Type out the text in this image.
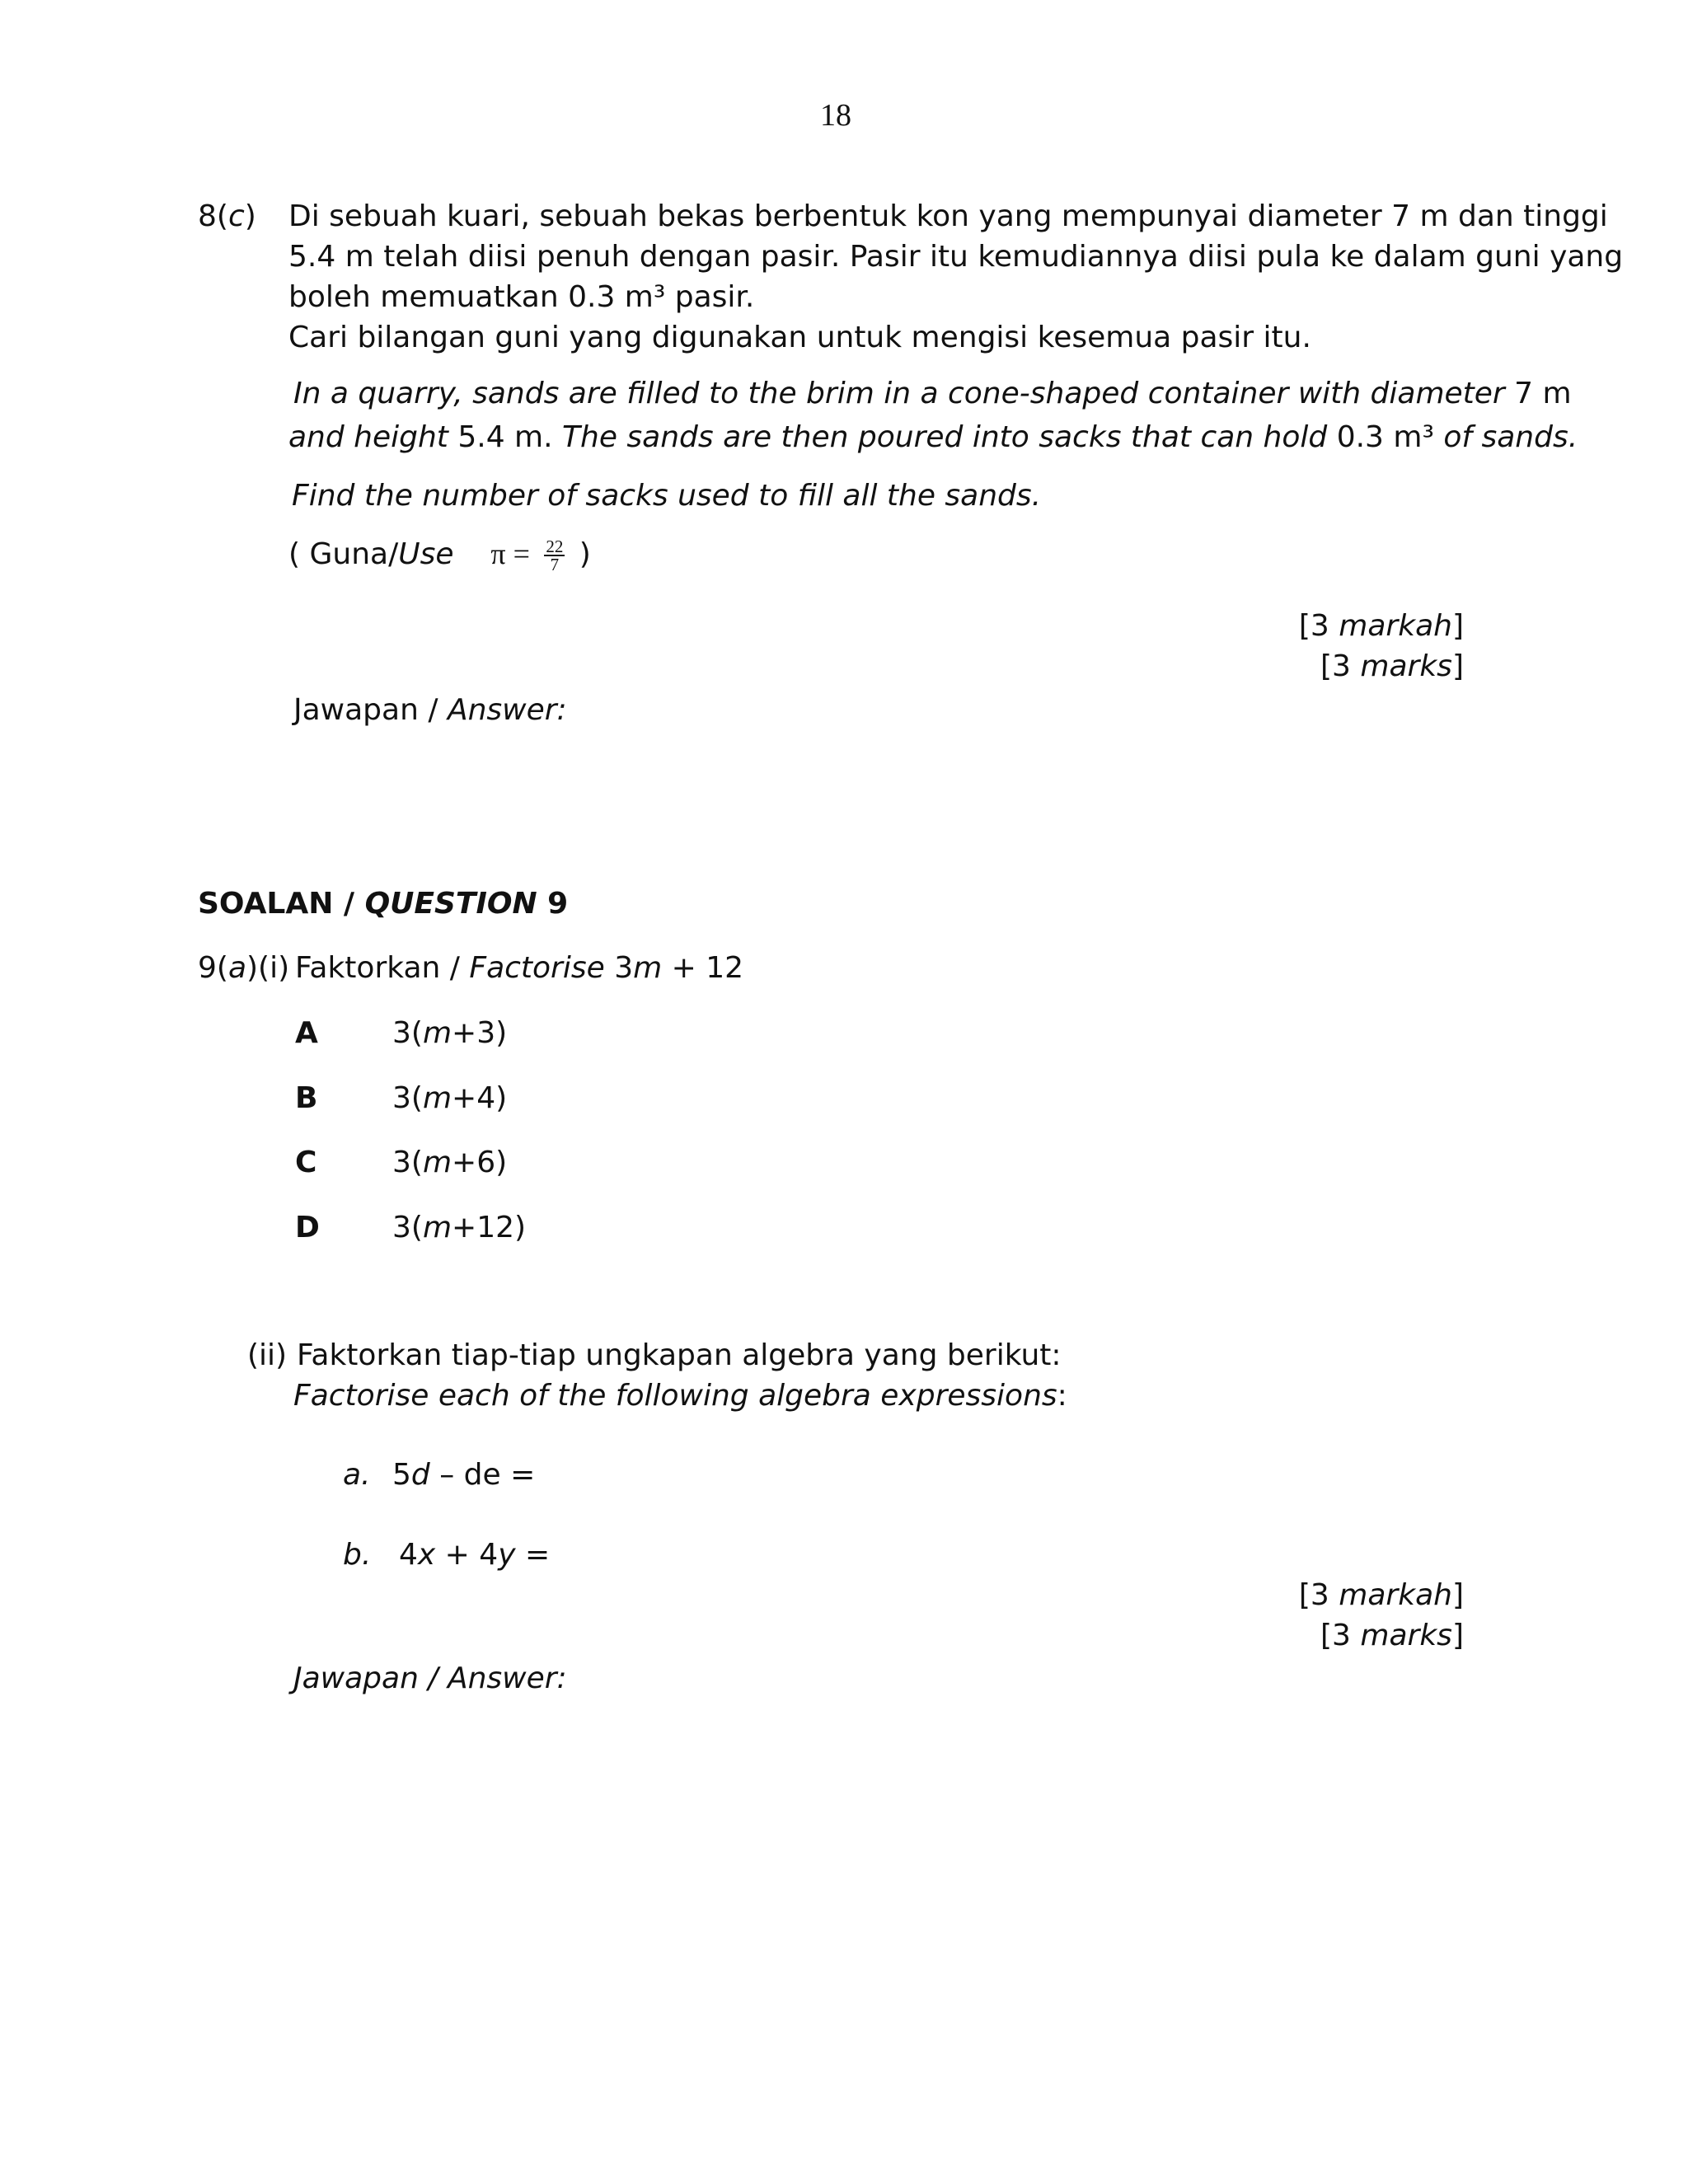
18
8(c) Di sebuah kuari, sebuah bekas berbentuk kon yang mempunyai diameter 7 m dan tinggi
5.4 m telah diisi penuh dengan pasir. Pasir itu kemudiannya diisi pula ke dalam guni yang
boleh memuatkan 0.3 m³ pasir.
Cari bilangan guni yang digunakan untuk mengisi kesemua pasir itu.
In a quarry, sands are filled to the brim in a cone-shaped container with diameter 7 m
and height 5.4 m. The sands are then poured into sacks that can hold 0.3 m³ of sands.
Find the number of sacks used to fill all the sands.
( Guna/Use $\pi = \frac{22}{7}$ )
[3 markah]
[3 marks]
Jawapan / Answer:
SOALAN / QUESTION 9
9(a)(i) Faktorkan / Factorise 3m + 12
A	3(m+3)
B	3(m+4)
C	3(m+6)
D 3(m+12)
(ii) Faktorkan tiap-tiap ungkapan algebra yang berikut:
Factorise each of the following algebra expressions:
a. 5d – de =
b. 4x + 4y =
[3 markah]
[3 marks]
Jawapan / Answer:
